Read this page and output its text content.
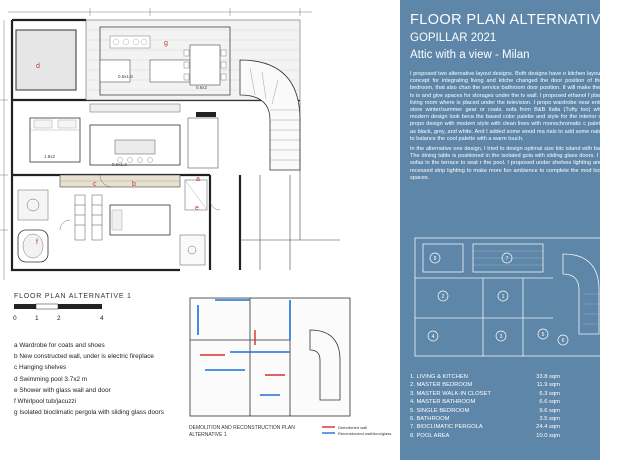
d
g
b
c
a
e
f
1.8x2
0.6x1.2
0.6x1.8
0.6x2
FLOOR PLAN ALTERNATIVE 1
0	1	2	4
a Wardrobe for coats and shoes
b New constructed wall, under is electric fireplace
c Hanging shelves
d Swimming pool 3.7x2 m
e Shower with glass wall and door
f Whirlpool tub/jacuzzi
g Isolated bioclimatic pergola with sliding glass doors
DEMOLITION AND RECONSTRUCTION PLAN
ALTERNATIVE 1
Demolished wall
Reconstructed wall/door/glass
FLOOR PLAN ALTERNATIVE ON
GOPILLAR 2021
Attic with a view - Milan

I proposed two alternative layout designs. Both designs have o kitchen layout design concept for integrating living and kitche changed the door position of the single bedroom, that also chan the service bathroom door position. It will make the wall for tv is and give spaces for storages under the tv wall. I proposed ethanol f place in the living room where is placed under the television. I propo wardrobe near entrance to store winter/summer gear or coats. sofa from B&B Italia (Tufty too) which has modern design look beca the based color palette and style for the interior design. I propo design with modern style with clean lines with monochromatic c palette, such as black, grey, and white. And I added some wood ma rials to add some natural look to balance the cool palette with a warm touch.

In the alternative one design, I tried to design optimal size kitc island with bar chairs. The dining table is positioned in the isolated gola with sliding glass doors. I also put sofas in the terrace to seat r the pool. I proposed under shelves lighting and ceiling recessed strip lighting to make more fun ambience to complete the mod look of the spaces.

8	7
2	1
3
4	5
6
1. LIVING & KITCHEN	33.8 sqm
2. MASTER BEDROOM	11.9 sqm
3. MASTER WALK-IN CLOSET	6.3 sqm
4. MASTER BATHROOM	6.6 sqm
5. SINGLE BEDROOM	9.6 sqm
6. BATHROOM	3.5 sqm
7. BIOCLIMATIC PERGOLA	24.4 sqm
8. POOL AREA	10.0 sqm
